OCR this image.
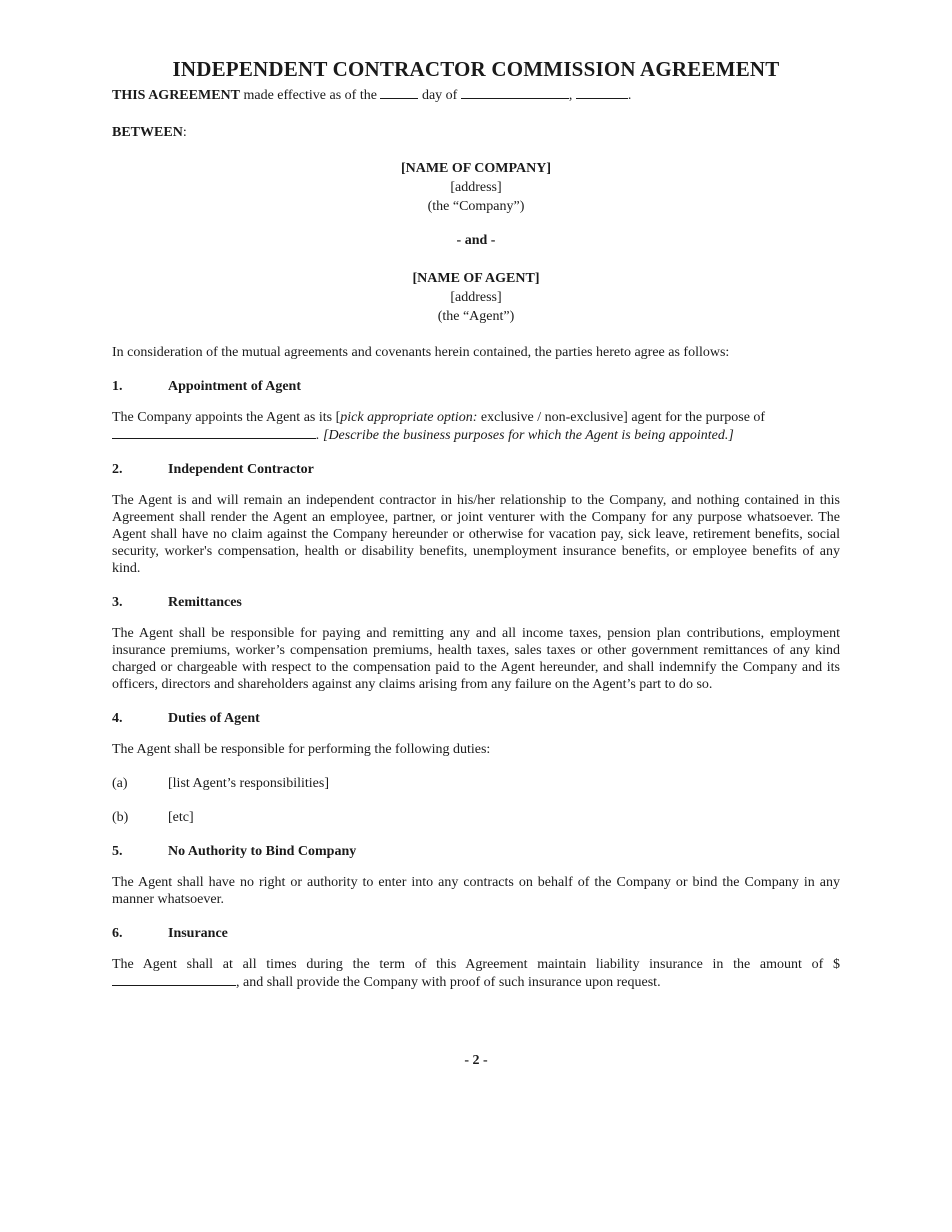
INDEPENDENT CONTRACTOR COMMISSION AGREEMENT
THIS AGREEMENT made effective as of the	day of	,	.
BETWEEN:
[NAME OF COMPANY]
[address]
(the “Company”)
- and -
[NAME OF AGENT]
[address]
(the “Agent”)
In consideration of the mutual agreements and covenants herein contained, the parties hereto agree as follows:
1.	Appointment of Agent
The Company appoints the Agent as its [pick appropriate option: exclusive / non-exclusive] agent for the purpose of
. [Describe the business purposes for which the Agent is being appointed.]
2.	Independent Contractor
The Agent is and will remain an independent contractor in his/her relationship to the Company, and nothing contained in this Agreement shall render the Agent an employee, partner, or joint venturer with the Company for any purpose whatsoever. The Agent shall have no claim against the Company hereunder or otherwise for vacation pay, sick leave, retirement benefits, social security, worker's compensation, health or disability benefits, unemployment insurance benefits, or employee benefits of any kind.
3.	Remittances
The Agent shall be responsible for paying and remitting any and all income taxes, pension plan contributions, employment insurance premiums, worker’s compensation premiums, health taxes, sales taxes or other government remittances of any kind charged or chargeable with respect to the compensation paid to the Agent hereunder, and shall indemnify the Company and its officers, directors and shareholders against any claims arising from any failure on the Agent’s part to do so.
4.	Duties of Agent
The Agent shall be responsible for performing the following duties:
(a)	[list Agent’s responsibilities]
(b)	[etc]
5.	No Authority to Bind Company
The Agent shall have no right or authority to enter into any contracts on behalf of the Company or bind the Company in any manner whatsoever.
6.	Insurance
The Agent shall at all times during the term of this Agreement maintain liability insurance in the amount of $, and shall provide the Company with proof of such insurance upon request.
- 2 -
